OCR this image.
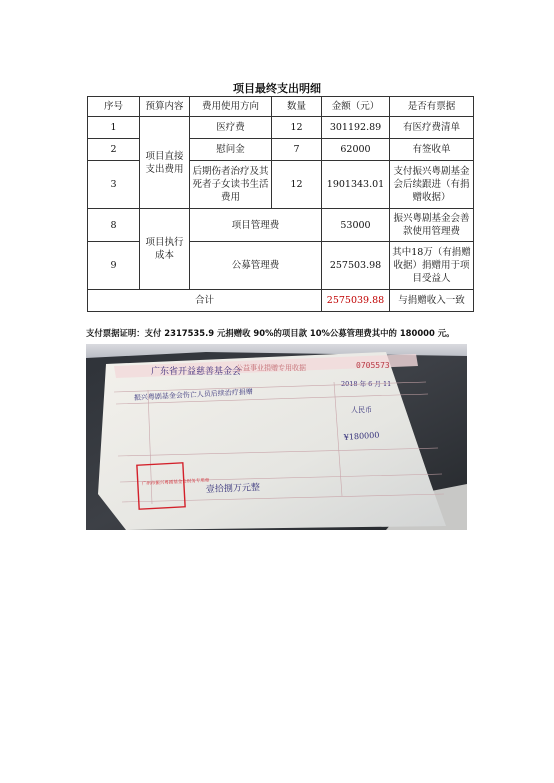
项目最终支出明细
序号	预算内容	费用使用方向	数量	金额（元）	是否有票据
1	项目直接支出费用	医疗费	12	301192.89	有医疗费清单
2		慰问金	7	62000	有签收单
3		后期伤者治疗及其死者子女读书生活费用	12	1901343.01	支付振兴粤剧基金会后续跟进（有捐赠收据）
8	项目执行成本	项目管理费		53000	振兴粤剧基金会善款使用管理费
9		公募管理费		257503.98	其中18万（有捐赠收据）捐赠用于项目受益人
合计				2575039.88	与捐赠收入一致
支付票据证明：支付 2317535.9 元捐赠收 90%的项目款 10%公募管理费其中的 180000 元。
公益事业捐赠专用收据	0705573
广东省开益慈善基金会
2018 年 6 月 11
振兴粤剧基金会伤亡人员后续治疗捐赠
人民币
¥180000
壹拾捌万元整
广州市振兴粤剧基金会财务专用章
